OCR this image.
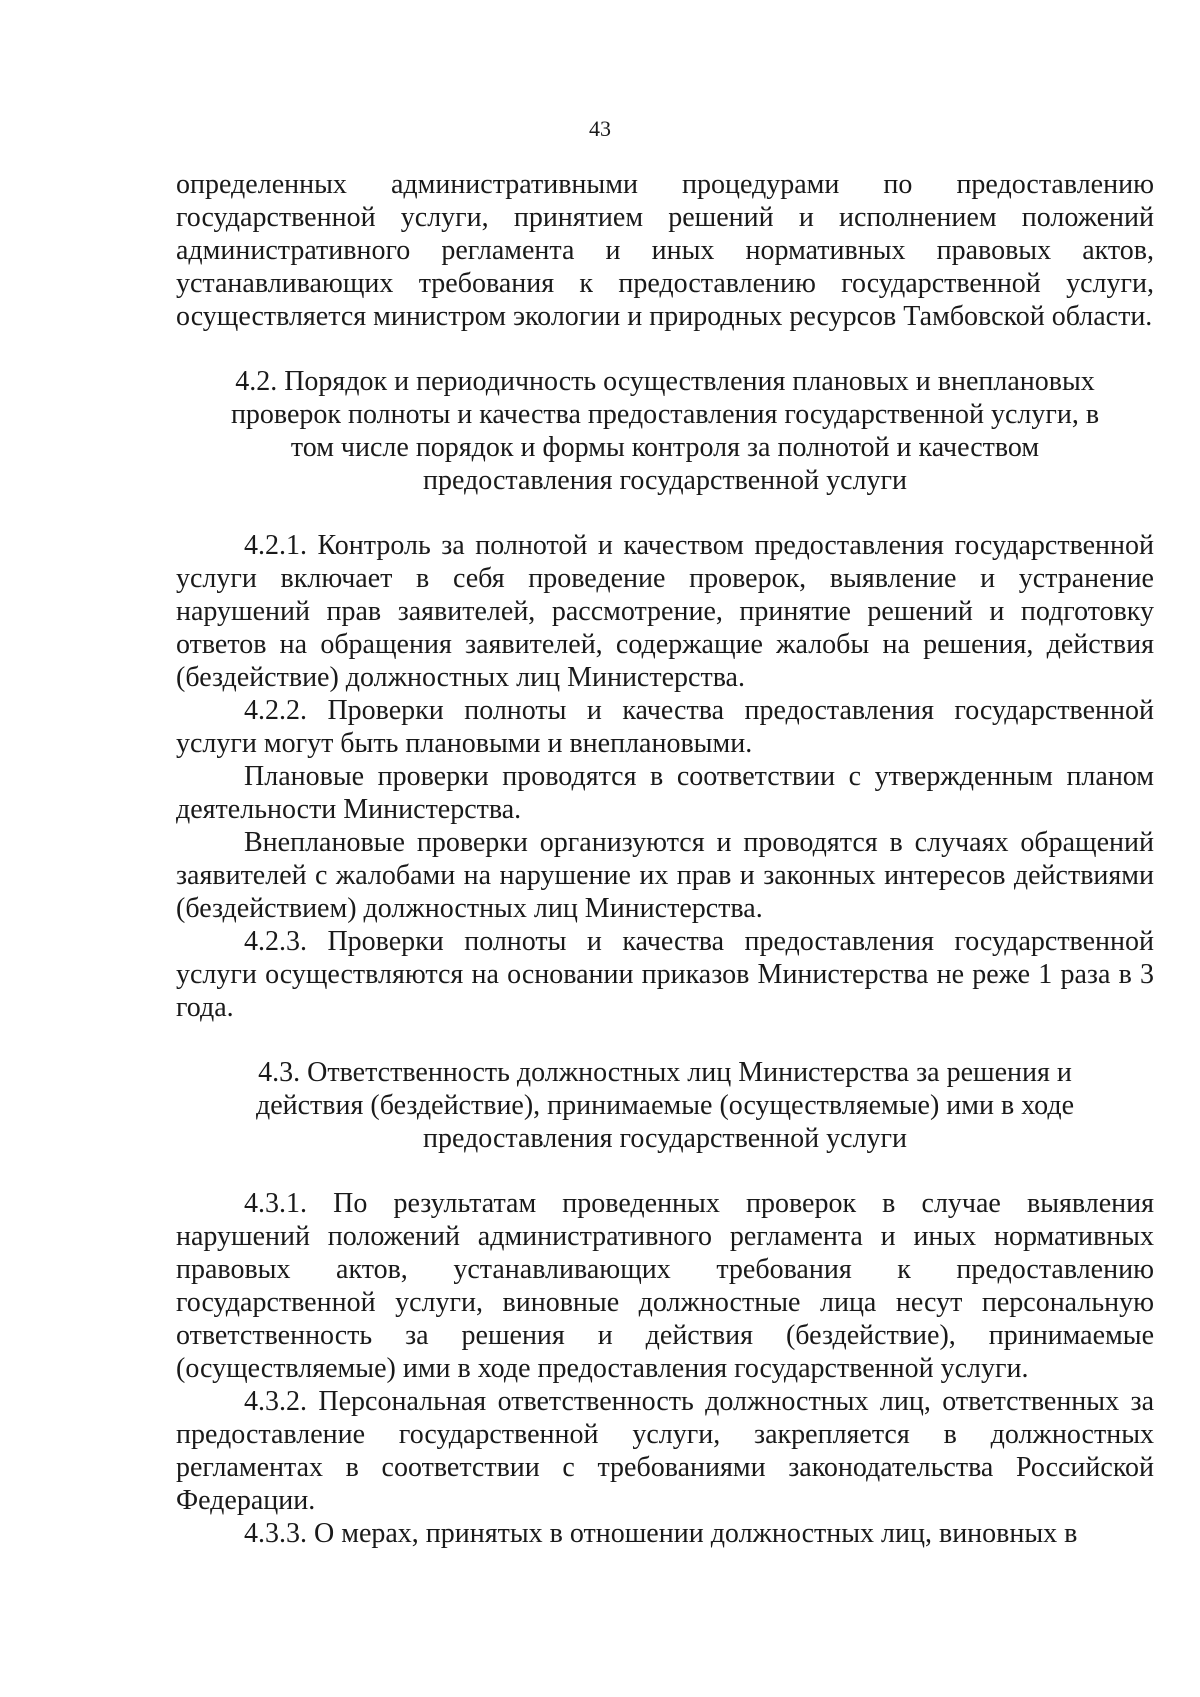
43

определенных административными процедурами по предоставлению государственной услуги, принятием решений и исполнением положений административного регламента и иных нормативных правовых актов, устанавливающих требования к предоставлению государственной услуги, осуществляется министром экологии и природных ресурсов Тамбовской области.

4.2. Порядок и периодичность осуществления плановых и внеплановых проверок полноты и качества предоставления государственной услуги, в том числе порядок и формы контроля за полнотой и качеством предоставления государственной услуги

4.2.1. Контроль за полнотой и качеством предоставления государственной услуги включает в себя проведение проверок, выявление и устранение нарушений прав заявителей, рассмотрение, принятие решений и подготовку ответов на обращения заявителей, содержащие жалобы на решения, действия (бездействие) должностных лиц Министерства.

4.2.2. Проверки полноты и качества предоставления государственной услуги могут быть плановыми и внеплановыми.

Плановые проверки проводятся в соответствии с утвержденным планом деятельности Министерства.

Внеплановые проверки организуются и проводятся в случаях обращений заявителей с жалобами на нарушение их прав и законных интересов действиями (бездействием) должностных лиц Министерства.

4.2.3. Проверки полноты и качества предоставления государственной услуги осуществляются на основании приказов Министерства не реже 1 раза в 3 года.

4.3. Ответственность должностных лиц Министерства за решения и действия (бездействие), принимаемые (осуществляемые) ими в ходе предоставления государственной услуги

4.3.1. По результатам проведенных проверок в случае выявления нарушений положений административного регламента и иных нормативных правовых актов, устанавливающих требования к предоставлению государственной услуги, виновные должностные лица несут персональную ответственность за решения и действия (бездействие), принимаемые (осуществляемые) ими в ходе предоставления государственной услуги.

4.3.2. Персональная ответственность должностных лиц, ответственных за предоставление государственной услуги, закрепляется в должностных регламентах в соответствии с требованиями законодательства Российской Федерации.

4.3.3. О мерах, принятых в отношении должностных лиц, виновных в
